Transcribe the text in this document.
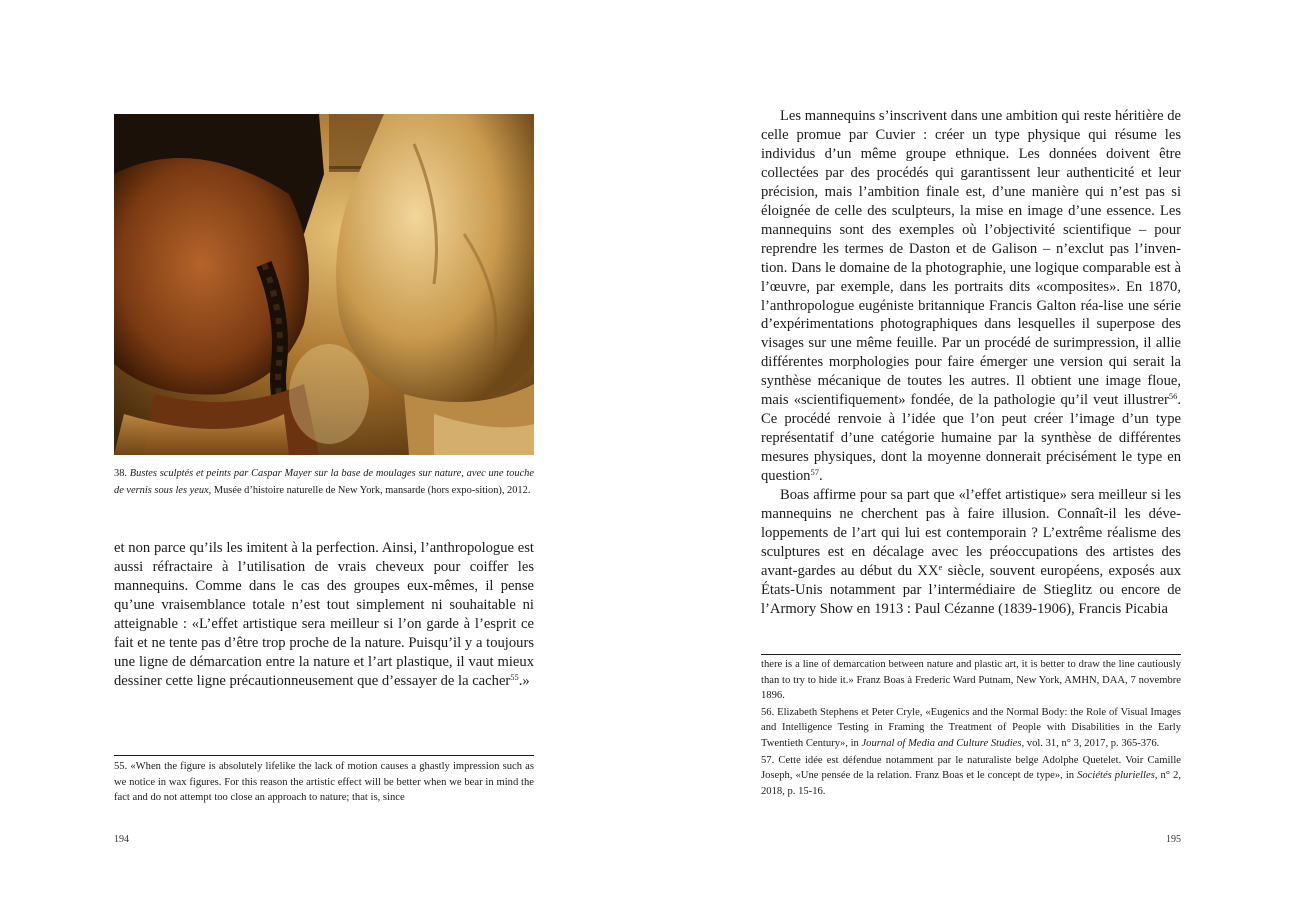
38. Bustes sculptés et peints par Caspar Mayer sur la base de moulages sur nature, avec une touche de vernis sous les yeux, Musée d’histoire naturelle de New York, mansarde (hors expo-sition), 2012.

et non parce qu’ils les imitent à la perfection. Ainsi, l’anthropologue est aussi réfractaire à l’utilisation de vrais cheveux pour coiffer les mannequins. Comme dans le cas des groupes eux-mêmes, il pense qu’une vraisemblance totale n’est tout simplement ni souhaitable ni atteignable : «L’effet artistique sera meilleur si l’on garde à l’esprit ce fait et ne tente pas d’être trop proche de la nature. Puisqu’il y a toujours une ligne de démarcation entre la nature et l’art plastique, il vaut mieux dessiner cette ligne précautionneusement que d’essayer de la cacher$^{55}$.»

55. «When the figure is absolutely lifelike the lack of motion causes a ghastly impression such as we notice in wax figures. For this reason the artistic effect will be better when we bear in mind the fact and do not attempt too close an approach to nature; that is, since

194

Les mannequins s’inscrivent dans une ambition qui reste héritière de celle promue par Cuvier : créer un type physique qui résume les individus d’un même groupe ethnique. Les données doivent être collectées par des procédés qui garantissent leur authenticité et leur précision, mais l’ambition finale est, d’une manière qui n’est pas si éloignée de celle des sculpteurs, la mise en image d’une essence. Les mannequins sont des exemples où l’objectivité scientifique – pour reprendre les termes de Daston et de Galison – n’exclut pas l’inven-tion. Dans le domaine de la photographie, une logique comparable est à l’œuvre, par exemple, dans les portraits dits «composites». En 1870, l’anthropologue eugéniste britannique Francis Galton réa-lise une série d’expérimentations photographiques dans lesquelles il superpose des visages sur une même feuille. Par un procédé de surimpression, il allie différentes morphologies pour faire émerger une version qui serait la synthèse mécanique de toutes les autres. Il obtient une image floue, mais «scientifiquement» fondée, de la pathologie qu’il veut illustrer$^{56}$. Ce procédé renvoie à l’idée que l’on peut créer l’image d’un type représentatif d’une catégorie humaine par la synthèse de différentes mesures physiques, dont la moyenne donnerait précisément le type en question$^{57}$.

Boas affirme pour sa part que «l’effet artistique» sera meilleur si les mannequins ne cherchent pas à faire illusion. Connaît-il les déve-loppements de l’art qui lui est contemporain ? L’extrême réalisme des sculptures est en décalage avec les préoccupations des artistes des avant-gardes au début du XXe siècle, souvent européens, exposés aux États-Unis notamment par l’intermédiaire de Stieglitz ou encore de l’Armory Show en 1913 : Paul Cézanne (1839-1906), Francis Picabia

there is a line of demarcation between nature and plastic art, it is better to draw the line cautiously than to try to hide it.» Franz Boas à Frederic Ward Putnam, New York, AMHN, DAA, 7 novembre 1896.

56. Elizabeth Stephens et Peter Cryle, «Eugenics and the Normal Body: the Role of Visual Images and Intelligence Testing in Framing the Treatment of People with Disabilities in the Early Twentieth Century», in Journal of Media and Culture Studies, vol. 31, n° 3, 2017, p. 365-376.

57. Cette idée est défendue notamment par le naturaliste belge Adolphe Quetelet. Voir Camille Joseph, «Une pensée de la relation. Franz Boas et le concept de type», in Sociétés plurielles, n° 2, 2018, p. 15-16.

195
